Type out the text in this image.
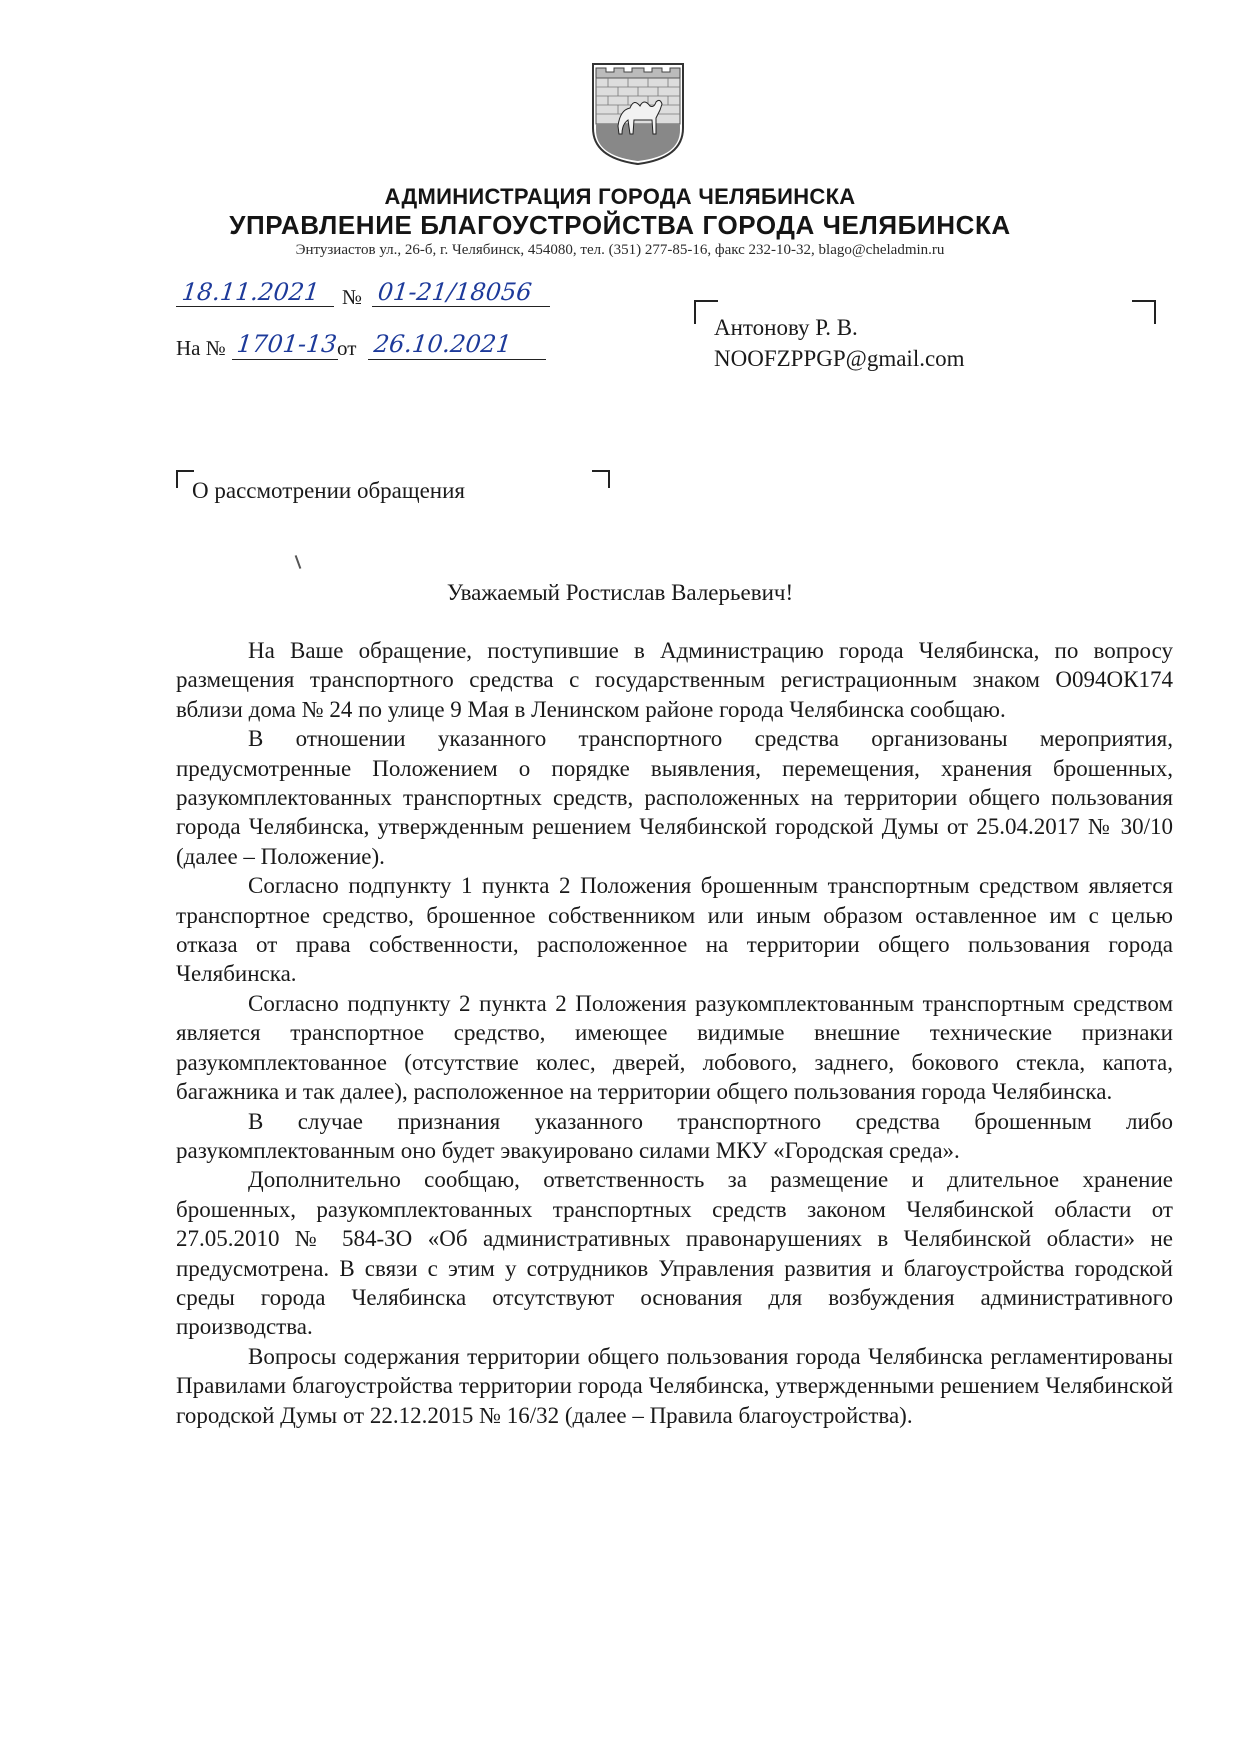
АДМИНИСТРАЦИЯ ГОРОДА ЧЕЛЯБИНСКА
УПРАВЛЕНИЕ БЛАГОУСТРОЙСТВА ГОРОДА ЧЕЛЯБИНСКА
Энтузиастов ул., 26-б, г. Челябинск, 454080, тел. (351) 277-85-16, факс 232-10-32, blago@cheladmin.ru
18.11.2021 № 01-21/18056
На № 1701-13
от 26.10.2021
Антонову Р. В.
NOOFZPPGP@gmail.com
О рассмотрении обращения
Уважаемый Ростислав Валерьевич!

На Ваше обращение, поступившие в Администрацию города Челябинска, по вопросу размещения транспортного средства с государственным регистрационным знаком О094ОК174 вблизи дома № 24 по улице 9 Мая в Ленинском районе города Челябинска сообщаю.

В отношении указанного транспортного средства организованы мероприятия, предусмотренные Положением о порядке выявления, перемещения, хранения брошенных, разукомплектованных транспортных средств, расположенных на территории общего пользования города Челябинска, утвержденным решением Челябинской городской Думы от 25.04.2017 № 30/10 (далее – Положение).

Согласно подпункту 1 пункта 2 Положения брошенным транспортным средством является транспортное средство, брошенное собственником или иным образом оставленное им с целью отказа от права собственности, расположенное на территории общего пользования города Челябинска.

Согласно подпункту 2 пункта 2 Положения разукомплектованным транспортным средством является транспортное средство, имеющее видимые внешние технические признаки разукомплектованное (отсутствие колес, дверей, лобового, заднего, бокового стекла, капота, багажника и так далее), расположенное на территории общего пользования города Челябинска.

В случае признания указанного транспортного средства брошенным либо разукомплектованным оно будет эвакуировано силами МКУ «Городская среда».

Дополнительно сообщаю, ответственность за размещение и длительное хранение брошенных, разукомплектованных транспортных средств законом Челябинской области от 27.05.2010 № 584-ЗО «Об административных правонарушениях в Челябинской области» не предусмотрена. В связи с этим у сотрудников Управления развития и благоустройства городской среды города Челябинска отсутствуют основания для возбуждения административного производства.

Вопросы содержания территории общего пользования города Челябинска регламентированы Правилами благоустройства территории города Челябинска, утвержденными решением Челябинской городской Думы от 22.12.2015 № 16/32 (далее – Правила благоустройства).
